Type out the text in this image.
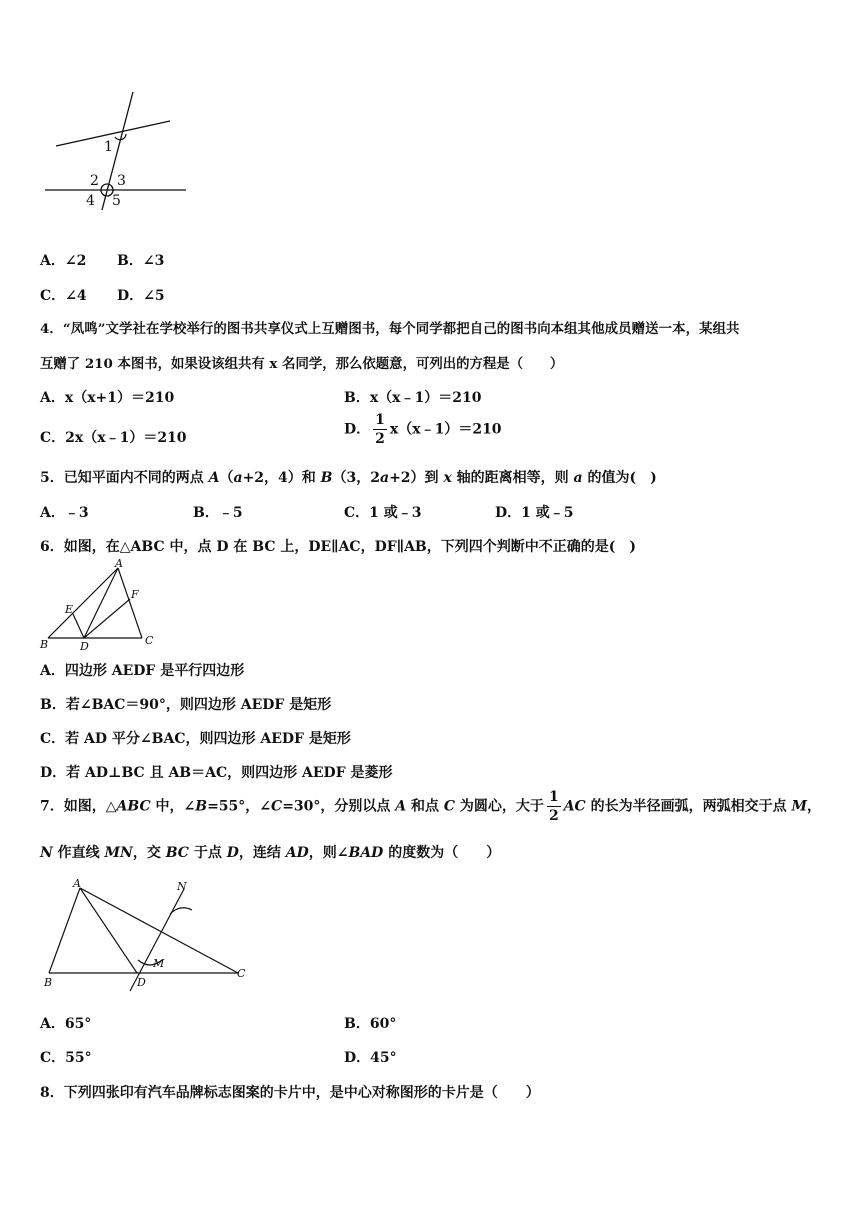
1
2 3
4 5
A．∠2 B．∠3
C．∠4 D．∠5
4．“凤鸣”文学社在学校举行的图书共享仪式上互赠图书，每个同学都把自己的图书向本组其他成员赠送一本，某组共
互赠了 210 本图书，如果设该组共有 x 名同学，那么依题意，可列出的方程是（　　）
A．x（x+1）＝210	B．x（x﹣1）＝210
C．2x（x﹣1）＝210
D． $\frac{1}{2}$ x（x﹣1）＝210
5．已知平面内不同的两点 A（a+2，4）和 B（3，2a+2）到 x 轴的距离相等，则 a 的值为(　)
A．﹣3	B．﹣5	C．1 或﹣3	D．1 或﹣5
6．如图，在△ABC 中，点 D 在 BC 上，DE∥AC，DF∥AB，下列四个判断中不正确的是(　)
A
B	C
D
E
F
A．四边形 AEDF 是平行四边形
B．若∠BAC＝90°，则四边形 AEDF 是矩形
C．若 AD 平分∠BAC，则四边形 AEDF 是矩形
D．若 AD⊥BC 且 AB＝AC，则四边形 AEDF 是菱形
7．如图，△ABC 中，∠B=55°，∠C=30°，分别以点 A 和点 C 为圆心，大于 $\frac{1}{2}$ AC 的长为半径画弧，两弧相交于点 M，
N 作直线 MN，交 BC 于点 D，连结 AD，则∠BAD 的度数为（　　）
A
B
C
D
M
N
A．65°	B．60°
C．55°	D．45°
8．下列四张印有汽车品牌标志图案的卡片中，是中心对称图形的卡片是（　　）
